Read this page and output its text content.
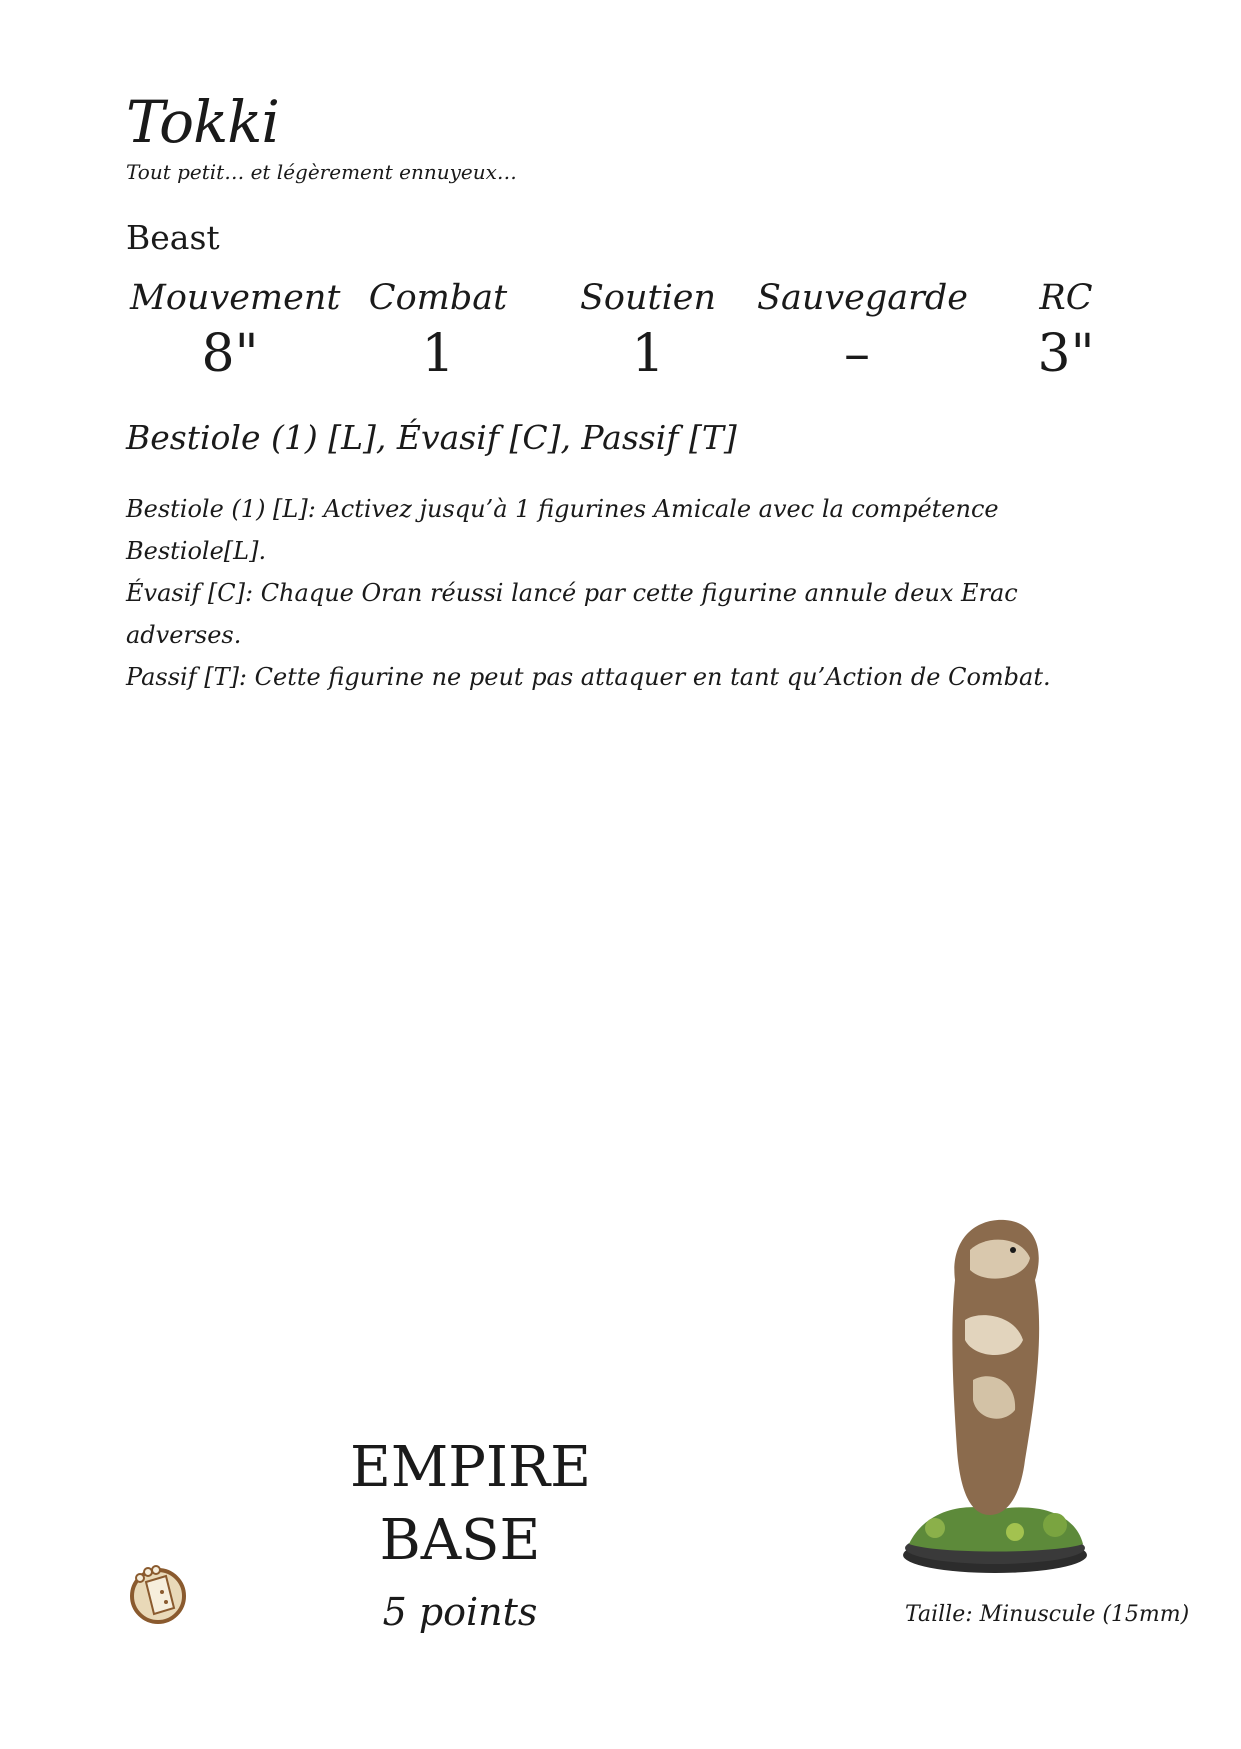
Tokki
Tout petit… et légèrement ennuyeux…
Beast
Mouvement
8"
Combat
1
Soutien
1
Sauvegarde
–
RC
3"
Bestiole (1) [L], Évasif [C], Passif [T]
Bestiole (1) [L]: Activez jusqu’à 1 figurines Amicale avec la compétence
Bestiole[L].
Évasif [C]: Chaque Oran réussi lancé par cette figurine annule deux Erac adverses.
Passif [T]: Cette figurine ne peut pas attaquer en tant qu’Action de Combat.
EMPIRE
BASE
5 points	Taille: Minuscule (15mm)
